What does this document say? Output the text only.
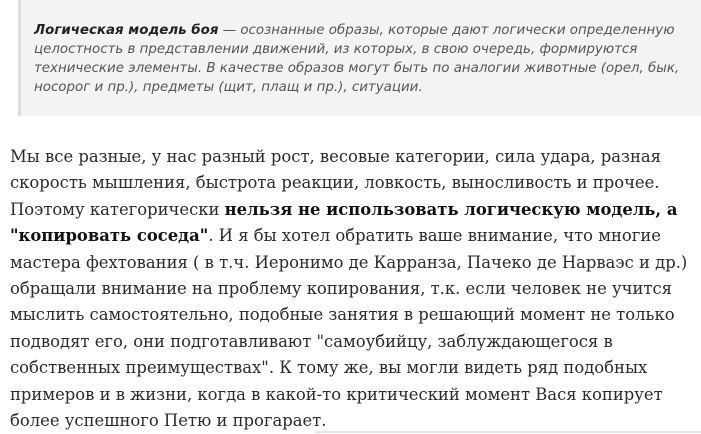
Логическая модель боя — осознанные образы, которые дают логически определенную целостность в представлении движений, из которых, в свою очередь, формируются технические элементы. В качестве образов могут быть по аналогии животные (орел, бык, носорог и пр.), предметы (щит, плащ и пр.), ситуации.

Мы все разные, у нас разный рост, весовые категории, сила удара, разная скорость мышления, быстрота реакции, ловкость, выносливость и прочее. Поэтому категорически нельзя не использовать логическую модель, а "копировать соседа". И я бы хотел обратить ваше внимание, что многие мастера фехтования ( в т.ч. Иеронимо де Карранза, Пачеко де Нарваэс и др.) обращали внимание на проблему копирования, т.к. если человек не учится мыслить самостоятельно, подобные занятия в решающий момент не только подводят его, они подготавливают "самоубийцу, заблуждающегося в собственных преимуществах". К тому же, вы могли видеть ряд подобных примеров и в жизни, когда в какой-то критический момент Вася копирует более успешного Петю и прогарает.
